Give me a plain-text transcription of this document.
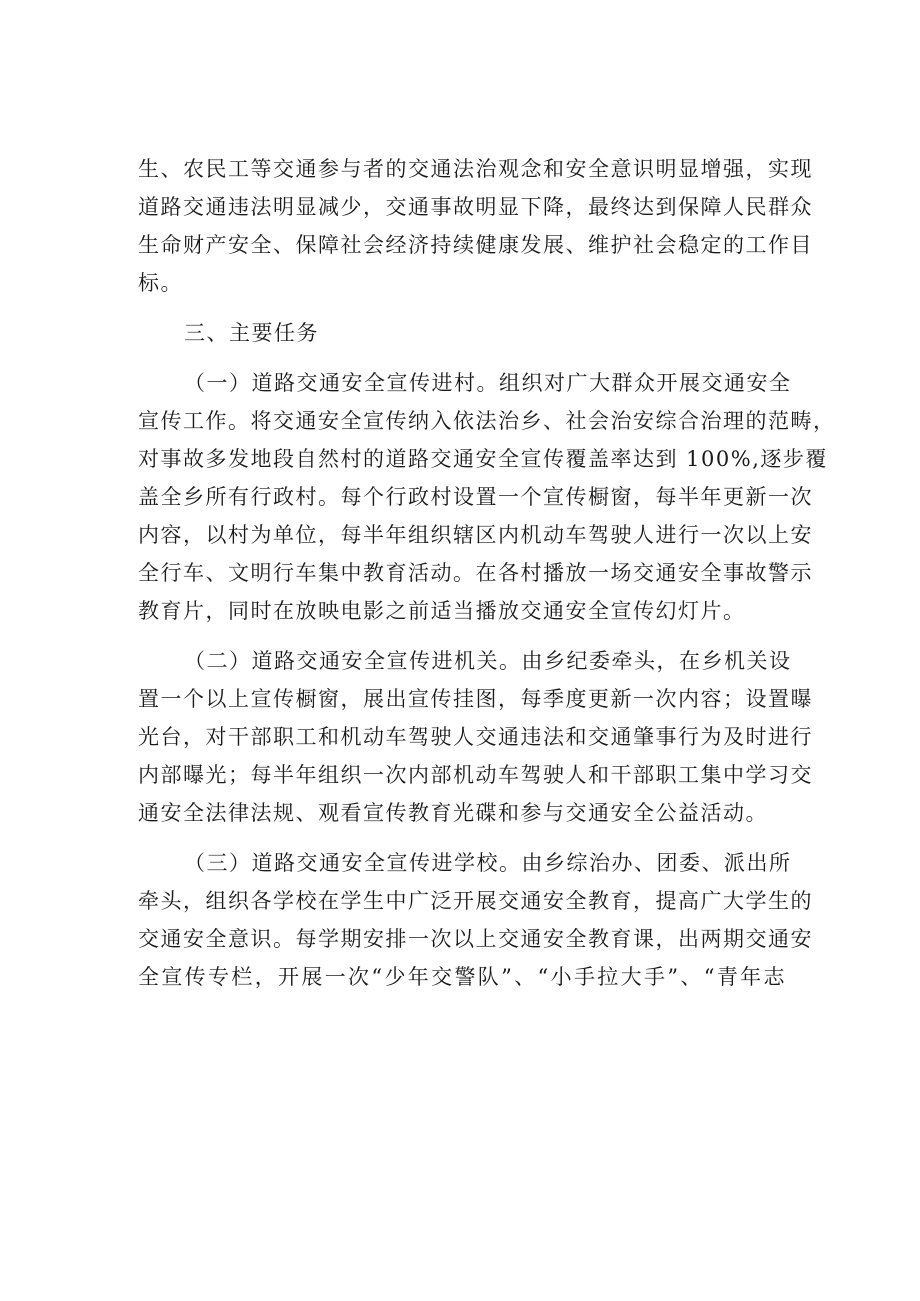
生、农民工等交通参与者的交通法治观念和安全意识明显增强，实现
道路交通违法明显减少，交通事故明显下降，最终达到保障人民群众
生命财产安全、保障社会经济持续健康发展、维护社会稳定的工作目
标。

三、主要任务

（一）道路交通安全宣传进村。组织对广大群众开展交通安全
宣传工作。将交通安全宣传纳入依法治乡、社会治安综合治理的范畴，
对事故多发地段自然村的道路交通安全宣传覆盖率达到 100%,逐步覆
盖全乡所有行政村。每个行政村设置一个宣传橱窗，每半年更新一次
内容，以村为单位，每半年组织辖区内机动车驾驶人进行一次以上安
全行车、文明行车集中教育活动。在各村播放一场交通安全事故警示
教育片，同时在放映电影之前适当播放交通安全宣传幻灯片。

（二）道路交通安全宣传进机关。由乡纪委牵头，在乡机关设
置一个以上宣传橱窗，展出宣传挂图，每季度更新一次内容；设置曝
光台，对干部职工和机动车驾驶人交通违法和交通肇事行为及时进行
内部曝光；每半年组织一次内部机动车驾驶人和干部职工集中学习交
通安全法律法规、观看宣传教育光碟和参与交通安全公益活动。

（三）道路交通安全宣传进学校。由乡综治办、团委、派出所
牵头，组织各学校在学生中广泛开展交通安全教育，提高广大学生的
交通安全意识。每学期安排一次以上交通安全教育课，出两期交通安
全宣传专栏，开展一次“少年交警队”、“小手拉大手”、“青年志
